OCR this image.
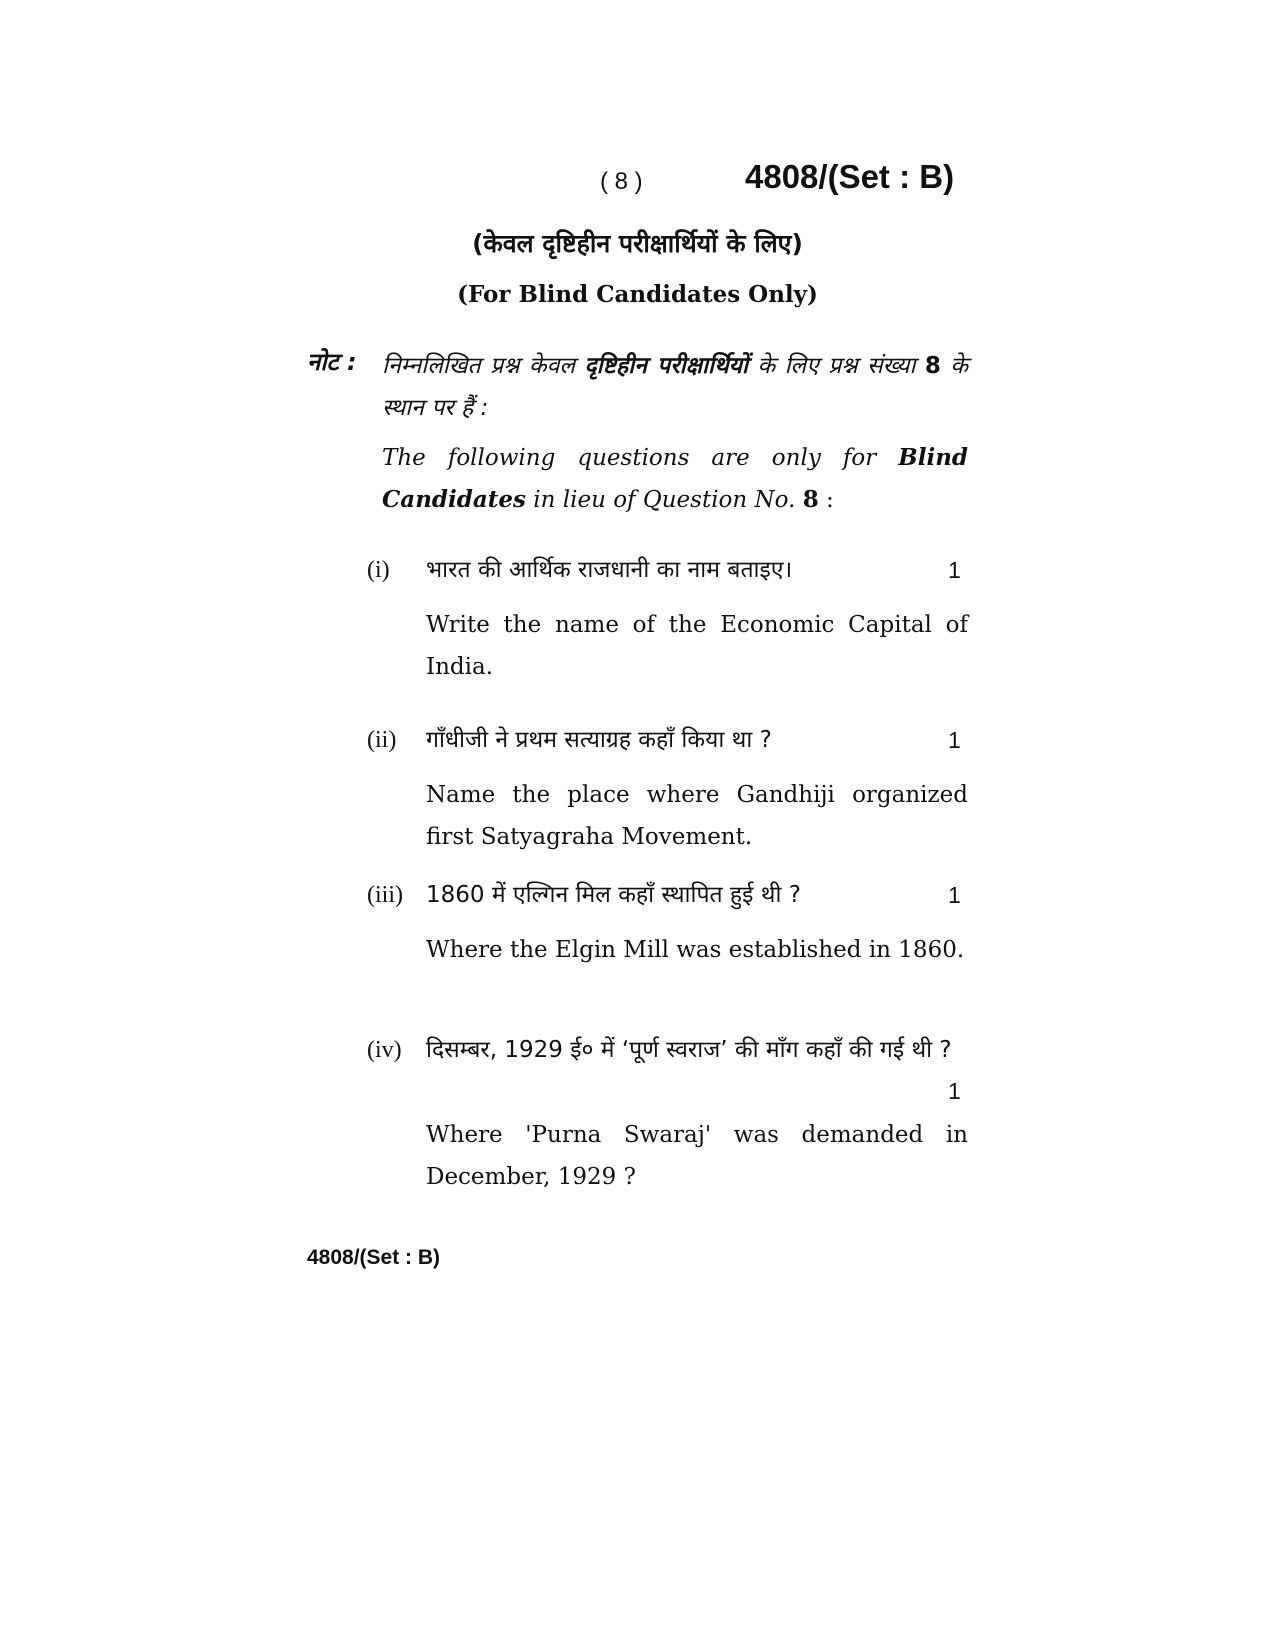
( 8 )	4808/(Set : B)
(केवल दृष्टिहीन परीक्षार्थियों के लिए)
(For Blind Candidates Only)
नोट : निम्नलिखित प्रश्न केवल दृष्टिहीन परीक्षार्थियों के लिए प्रश्न संख्या 8 के स्थान पर हैं :
The following questions are only for Blind Candidates in lieu of Question No. 8 :
(i) भारत की आर्थिक राजधानी का नाम बताइए।	1
Write the name of the Economic Capital of India.
(ii) गाँधीजी ने प्रथम सत्याग्रह कहाँ किया था ?	1
Name the place where Gandhiji organized first Satyagraha Movement.
(iii) 1860 में एल्गिन मिल कहाँ स्थापित हुई थी ?	1
Where the Elgin Mill was established in 1860.
(iv) दिसम्बर, 1929 ई० में ‘पूर्ण स्वराज’ की माँग कहाँ की गई थी ?
1
Where 'Purna Swaraj' was demanded in December, 1929 ?
4808/(Set : B)
